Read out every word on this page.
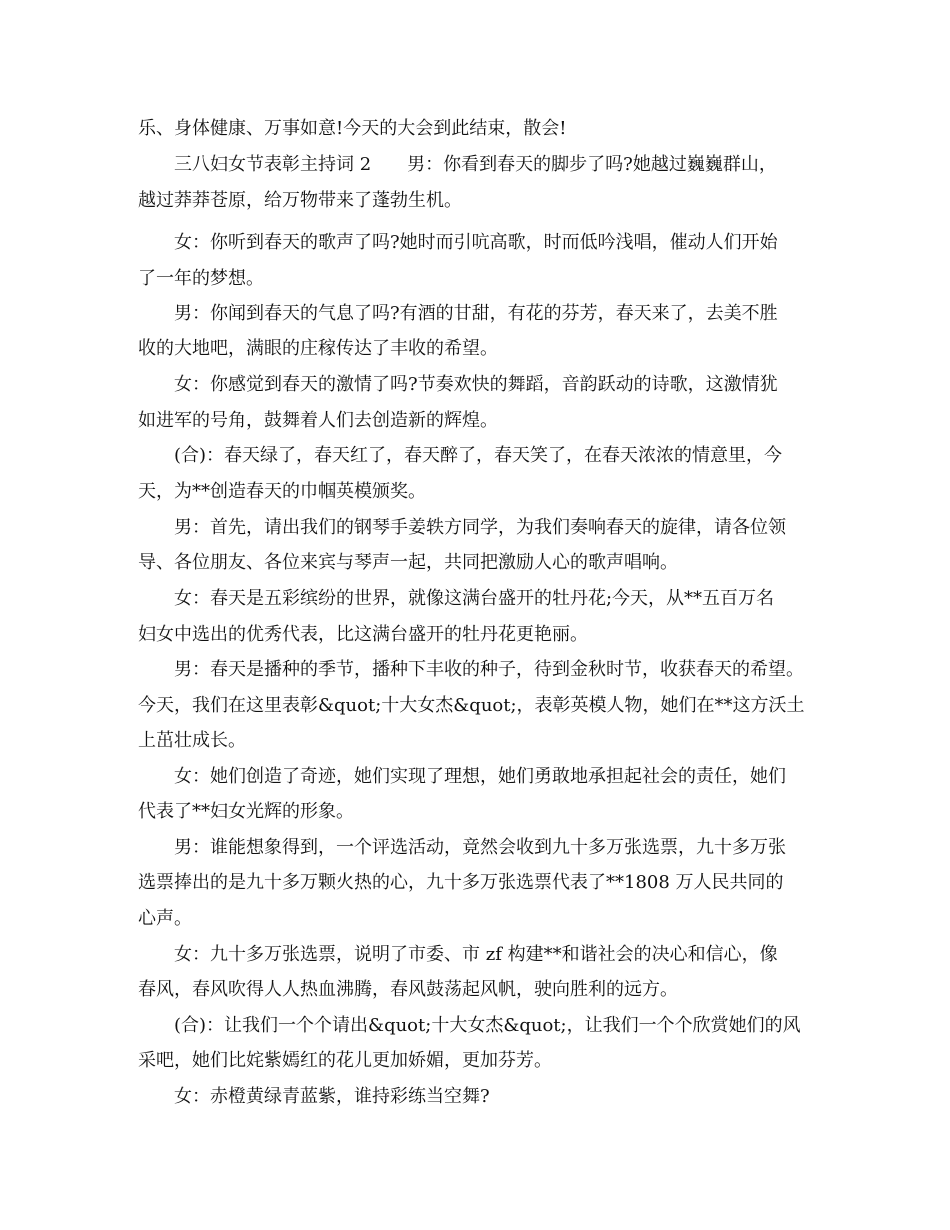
乐、身体健康、万事如意!今天的大会到此结束，散会!
三八妇女节表彰主持词 2　　男：你看到春天的脚步了吗?她越过巍巍群山，
越过莽莽苍原，给万物带来了蓬勃生机。
女：你听到春天的歌声了吗?她时而引吭高歌，时而低吟浅唱，催动人们开始
了一年的梦想。
男：你闻到春天的气息了吗?有酒的甘甜，有花的芬芳，春天来了，去美不胜
收的大地吧，满眼的庄稼传达了丰收的希望。
女：你感觉到春天的激情了吗?节奏欢快的舞蹈，音韵跃动的诗歌，这激情犹
如进军的号角，鼓舞着人们去创造新的辉煌。
(合)：春天绿了，春天红了，春天醉了，春天笑了，在春天浓浓的情意里，今
天，为**创造春天的巾帼英模颁奖。
男：首先，请出我们的钢琴手姜轶方同学，为我们奏响春天的旋律，请各位领
导、各位朋友、各位来宾与琴声一起，共同把激励人心的歌声唱响。
女：春天是五彩缤纷的世界，就像这满台盛开的牡丹花;今天，从**五百万名
妇女中选出的优秀代表，比这满台盛开的牡丹花更艳丽。
男：春天是播种的季节，播种下丰收的种子，待到金秋时节，收获春天的希望。
今天，我们在这里表彰&quot;十大女杰&quot;，表彰英模人物，她们在**这方沃土
上茁壮成长。
女：她们创造了奇迹，她们实现了理想，她们勇敢地承担起社会的责任，她们
代表了**妇女光辉的形象。
男：谁能想象得到，一个评选活动，竟然会收到九十多万张选票，九十多万张
选票捧出的是九十多万颗火热的心，九十多万张选票代表了**1808 万人民共同的
心声。
女：九十多万张选票，说明了市委、市 zf 构建**和谐社会的决心和信心，像
春风，春风吹得人人热血沸腾，春风鼓荡起风帆，驶向胜利的远方。
(合)：让我们一个个请出&quot;十大女杰&quot;，让我们一个个欣赏她们的风
采吧，她们比姹紫嫣红的花儿更加娇媚，更加芬芳。
女：赤橙黄绿青蓝紫，谁持彩练当空舞?
